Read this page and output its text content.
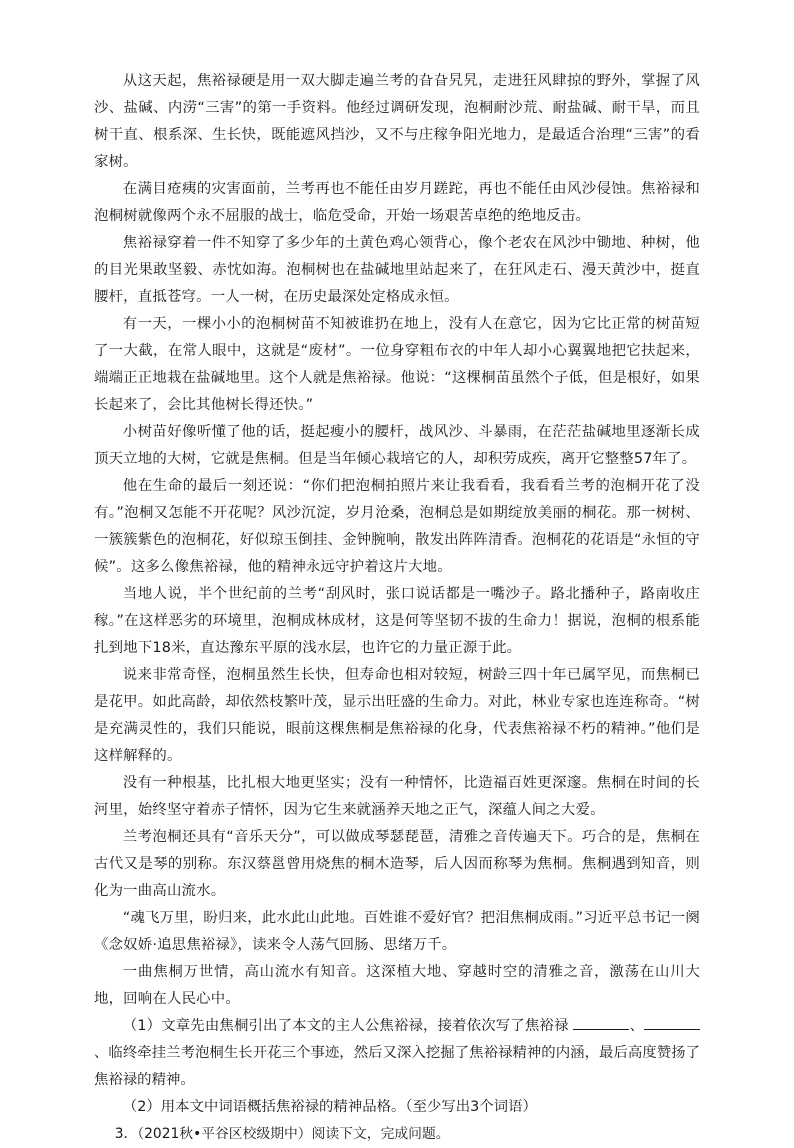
从这天起，焦裕禄硬是用一双大脚走遍兰考的旮旮旯旯，走进狂风肆掠的野外，掌握了风沙、盐碱、内涝“三害”的第一手资料。他经过调研发现，泡桐耐沙荒、耐盐碱、耐干旱，而且树干直、根系深、生长快，既能遮风挡沙，又不与庄稼争阳光地力，是最适合治理“三害”的看家树。

在满目疮痍的灾害面前，兰考再也不能任由岁月蹉跎，再也不能任由风沙侵蚀。焦裕禄和泡桐树就像两个永不屈服的战士，临危受命，开始一场艰苦卓绝的绝地反击。

焦裕禄穿着一件不知穿了多少年的土黄色鸡心领背心，像个老农在风沙中锄地、种树，他的目光果敢坚毅、赤忱如海。泡桐树也在盐碱地里站起来了，在狂风走石、漫天黄沙中，挺直腰杆，直抵苍穹。一人一树，在历史最深处定格成永恒。

有一天，一棵小小的泡桐树苗不知被谁扔在地上，没有人在意它，因为它比正常的树苗短了一大截，在常人眼中，这就是“废材”。一位身穿粗布衣的中年人却小心翼翼地把它扶起来，端端正正地栽在盐碱地里。这个人就是焦裕禄。他说：“这棵桐苗虽然个子低，但是根好，如果长起来了，会比其他树长得还快。”

小树苗好像听懂了他的话，挺起瘦小的腰杆，战风沙、斗暴雨，在茫茫盐碱地里逐渐长成顶天立地的大树，它就是焦桐。但是当年倾心栽培它的人，却积劳成疾，离开它整整57年了。

他在生命的最后一刻还说：“你们把泡桐拍照片来让我看看，我看看兰考的泡桐开花了没有。”泡桐又怎能不开花呢？风沙沉淀，岁月沧桑，泡桐总是如期绽放美丽的桐花。那一树树、一簇簇紫色的泡桐花，好似琼玉倒挂、金钟腕响，散发出阵阵清香。泡桐花的花语是“永恒的守候”。这多么像焦裕禄，他的精神永远守护着这片大地。

当地人说，半个世纪前的兰考“刮风时，张口说话都是一嘴沙子。路北播种子，路南收庄稼。”在这样恶劣的环境里，泡桐成林成材，这是何等坚韧不拔的生命力！据说，泡桐的根系能扎到地下18米，直达豫东平原的浅水层，也许它的力量正源于此。

说来非常奇怪，泡桐虽然生长快，但寿命也相对较短，树龄三四十年已属罕见，而焦桐已是花甲。如此高龄，却依然枝繁叶茂，显示出旺盛的生命力。对此，林业专家也连连称奇。“树是充满灵性的，我们只能说，眼前这棵焦桐是焦裕禄的化身，代表焦裕禄不朽的精神。”他们是这样解释的。

没有一种根基，比扎根大地更坚实；没有一种情怀，比造福百姓更深邃。焦桐在时间的长河里，始终坚守着赤子情怀，因为它生来就涵养天地之正气，深蕴人间之大爱。

兰考泡桐还具有“音乐天分”，可以做成琴瑟琵琶，清雅之音传遍天下。巧合的是，焦桐在古代又是琴的别称。东汉蔡邕曾用烧焦的桐木造琴，后人因而称琴为焦桐。焦桐遇到知音，则化为一曲高山流水。

“魂飞万里，盼归来，此水此山此地。百姓谁不爱好官？把泪焦桐成雨。”习近平总书记一阕《念奴娇·追思焦裕禄》，读来令人荡气回肠、思绪万千。

一曲焦桐万世情，高山流水有知音。这深植大地、穿越时空的清雅之音，激荡在山川大地，回响在人民心中。

（1）文章先由焦桐引出了本文的主人公焦裕禄，接着依次写了焦裕禄	、、临终牵挂兰考泡桐生长开花三个事迹，然后又深入挖掘了焦裕禄精神的内涵，最后高度赞扬了焦裕禄的精神。

（2）用本文中词语概括焦裕禄的精神品格。（至少写出3个词语）

3．（2021秋•平谷区校级期中）阅读下文，完成问题。
